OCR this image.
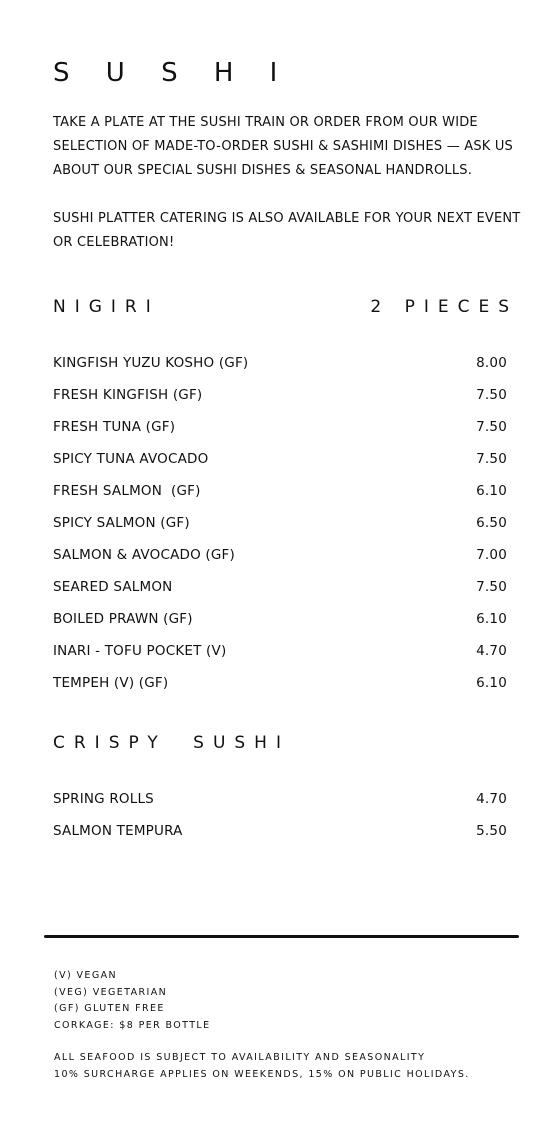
S U S H I

TAKE A PLATE AT THE SUSHI TRAIN OR ORDER FROM OUR WIDE SELECTION OF MADE-TO-ORDER SUSHI & SASHIMI DISHES — ASK US ABOUT OUR SPECIAL SUSHI DISHES & SEASONAL HANDROLLS.

SUSHI PLATTER CATERING IS ALSO AVAILABLE FOR YOUR NEXT EVENT OR CELEBRATION!

NIGIRI	2 PIECES
KINGFISH YUZU KOSHO (GF)	8.00
FRESH KINGFISH (GF)	7.50
FRESH TUNA (GF)	7.50
SPICY TUNA AVOCADO	7.50
FRESH SALMON  (GF)	6.10
SPICY SALMON (GF)	6.50
SALMON & AVOCADO (GF)	7.00
SEARED SALMON	7.50
BOILED PRAWN (GF)	6.10
INARI - TOFU POCKET (V)	4.70
TEMPEH (V) (GF)	6.10
CRISPY SUSHI
SPRING ROLLS	4.70
SALMON TEMPURA	5.50
(V) VEGAN
(VEG) VEGETARIAN
(GF) GLUTEN FREE
CORKAGE: $8 PER BOTTLE
ALL SEAFOOD IS SUBJECT TO AVAILABILITY AND SEASONALITY
10% SURCHARGE APPLIES ON WEEKENDS, 15% ON PUBLIC HOLIDAYS.
